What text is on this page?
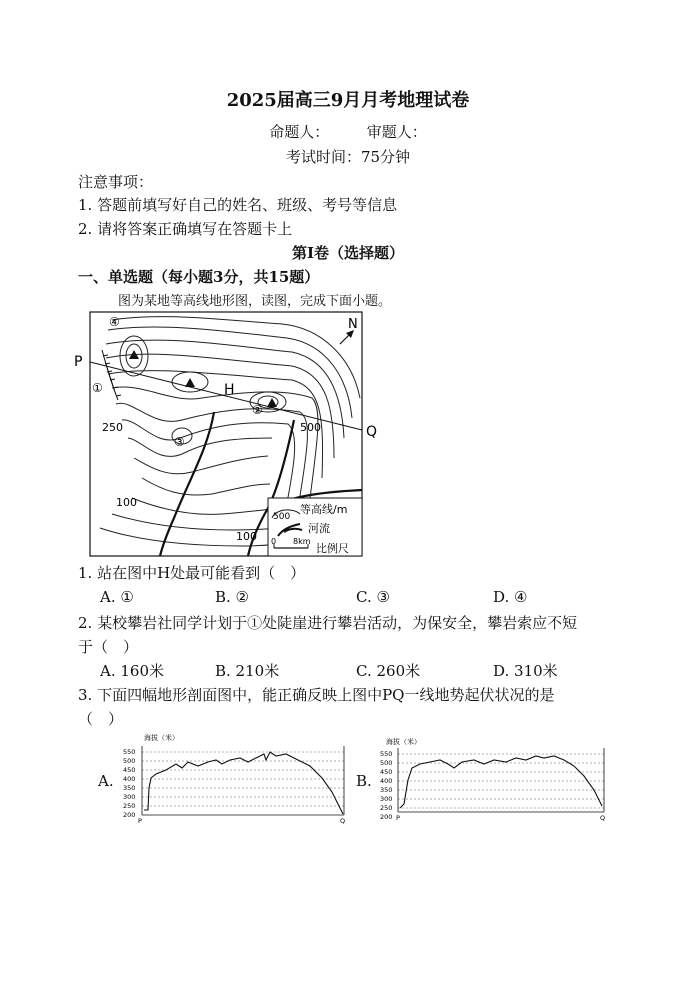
2025届高三9月月考地理试卷
命题人：　　　审题人：
考试时间：75分钟
注意事项：
1. 答题前填写好自己的姓名、班级、考号等信息
2. 请将答案正确填写在答题卡上
第Ⅰ卷（选择题）
一、单选题（每小题3分，共15题）
图为某地等高线地形图，读图，完成下面小题。
N
P
Q
H
①
②
③
④
250	500
100
100
500
等高线/m
河流
0 8km
比例尺
1. 站在图中H处最可能看到（　）
A. ①	B. ②	C. ③	D. ④
2. 某校攀岩社同学计划于①处陡崖进行攀岩活动，为保安全，攀岩索应不短
于（　）
A. 160米	B. 210米	C. 260米	D. 310米
3. 下面四幅地形剖面图中，能正确反映上图中PQ一线地势起伏状况的是
（　）
A.	B.
海拔（米）
550
500
450
400
350
300
250
200
P	Q
海拔（米）
550
500
450
400
350
300
250
200 P	Q
